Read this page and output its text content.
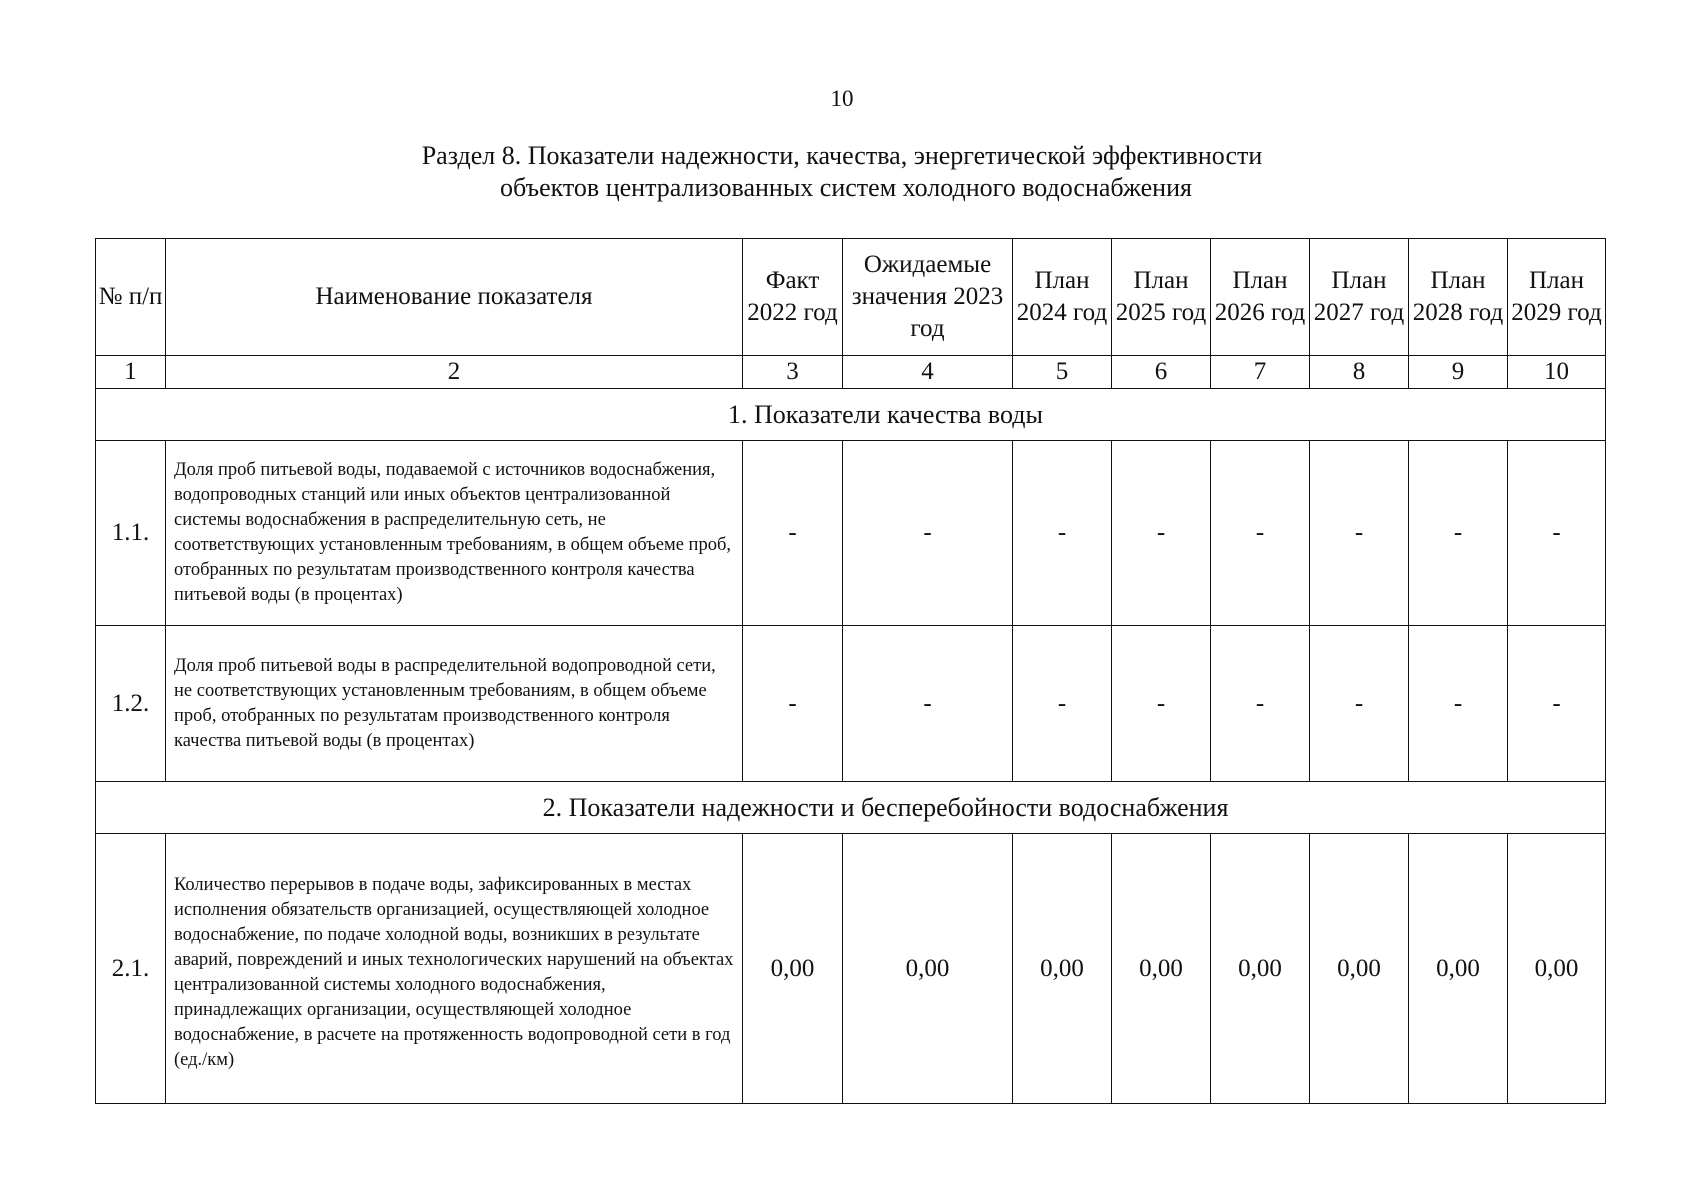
10
Раздел 8. Показатели надежности, качества, энергетической эффективности
объектов централизованных систем холодного водоснабжения
№ п/п	Наименование показателя	Факт 2022 год	Ожидаемые значения 2023 год	План 2024 год	План 2025 год	План 2026 год	План 2027 год	План 2028 год	План 2029 год
1	2	3	4	5	6	7	8	9	10
1. Показатели качества воды									
1.1.	Доля проб питьевой воды, подаваемой с источников водоснабжения, водопроводных станций или иных объектов централизованной системы водоснабжения в распределительную сеть, не соответствующих установленным требованиям, в общем объеме проб, отобранных по результатам производственного контроля качества питьевой воды (в процентах)	-	-	-	-	-	-	-	-
1.2.	Доля проб питьевой воды в распределительной водопроводной сети, не соответствующих установленным требованиям, в общем объеме проб, отобранных по результатам производственного контроля качества питьевой воды (в процентах)	-	-	-	-	-	-	-	-
2. Показатели надежности и бесперебойности водоснабжения									
2.1.	Количество перерывов в подаче воды, зафиксированных в местах исполнения обязательств организацией, осуществляющей холодное водоснабжение, по подаче холодной воды, возникших в результате аварий, повреждений и иных технологических нарушений на объектах централизованной системы холодного водоснабжения, принадлежащих организации, осуществляющей холодное водоснабжение, в расчете на протяженность водопроводной сети в год (ед./км)	0,00	0,00	0,00	0,00	0,00	0,00	0,00	0,00
